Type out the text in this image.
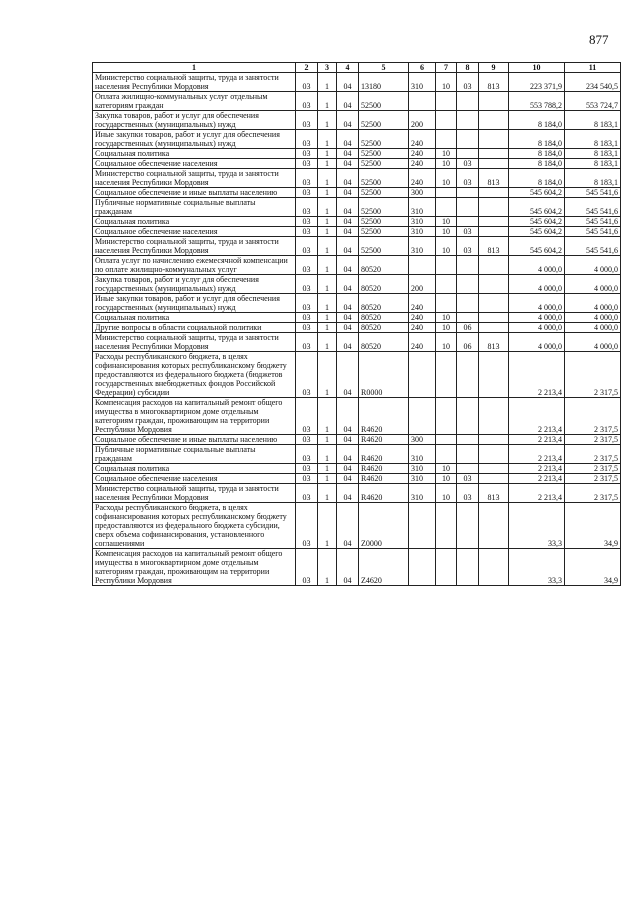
877
1	2	3	4	5	6	7	8	9	10	11
Министерство социальной защиты, труда и занятости населения Республики Мордовия	03	1	04	13180	310	10	03	813	223 371,9	234 540,5
Оплата жилищно-коммунальных услуг отдельным категориям граждан	03	1	04	52500					553 788,2	553 724,7
Закупка товаров, работ и услуг для обеспечения государственных (муниципальных) нужд	03	1	04	52500	200				8 184,0	8 183,1
Иные закупки товаров, работ и услуг для обеспечения государственных (муниципальных) нужд	03	1	04	52500	240				8 184,0	8 183,1
Социальная политика	03	1	04	52500	240	10			8 184,0	8 183,1
Социальное обеспечение населения	03	1	04	52500	240	10	03		8 184,0	8 183,1
Министерство социальной защиты, труда и занятости населения Республики Мордовия	03	1	04	52500	240	10	03	813	8 184,0	8 183,1
Социальное обеспечение и иные выплаты населению	03	1	04	52500	300				545 604,2	545 541,6
Публичные нормативные социальные выплаты гражданам	03	1	04	52500	310				545 604,2	545 541,6
Социальная политика	03	1	04	52500	310	10			545 604,2	545 541,6
Социальное обеспечение населения	03	1	04	52500	310	10	03		545 604,2	545 541,6
Министерство социальной защиты, труда и занятости населения Республики Мордовия	03	1	04	52500	310	10	03	813	545 604,2	545 541,6
Оплата услуг по начислению ежемесячной компенсации по оплате жилищно-коммунальных услуг	03	1	04	80520					4 000,0	4 000,0
Закупка товаров, работ и услуг для обеспечения государственных (муниципальных) нужд	03	1	04	80520	200				4 000,0	4 000,0
Иные закупки товаров, работ и услуг для обеспечения государственных (муниципальных) нужд	03	1	04	80520	240				4 000,0	4 000,0
Социальная политика	03	1	04	80520	240	10			4 000,0	4 000,0
Другие вопросы в области социальной политики	03	1	04	80520	240	10	06		4 000,0	4 000,0
Министерство социальной защиты, труда и занятости населения Республики Мордовия	03	1	04	80520	240	10	06	813	4 000,0	4 000,0
Расходы республиканского бюджета, в целях софинансирования которых республиканскому бюджету предоставляются из федерального бюджета (бюджетов государственных внебюджетных фондов Российской Федерации) субсидии	03	1	04	R0000					2 213,4	2 317,5
Компенсация расходов на капитальный ремонт общего имущества в многоквартирном доме отдельным категориям граждан, проживающим на территории Республики Мордовия	03	1	04	R4620					2 213,4	2 317,5
Социальное обеспечение и иные выплаты населению	03	1	04	R4620	300				2 213,4	2 317,5
Публичные нормативные социальные выплаты гражданам	03	1	04	R4620	310				2 213,4	2 317,5
Социальная политика	03	1	04	R4620	310	10			2 213,4	2 317,5
Социальное обеспечение населения	03	1	04	R4620	310	10	03		2 213,4	2 317,5
Министерство социальной защиты, труда и занятости населения Республики Мордовия	03	1	04	R4620	310	10	03	813	2 213,4	2 317,5
Расходы республиканского бюджета, в целях софинансирования которых республиканскому бюджету предоставляются из федерального бюджета субсидии, сверх объема софинансирования, установленного соглашениями	03	1	04	Z0000					33,3	34,9
Компенсация расходов на капитальный ремонт общего имущества в многоквартирном доме отдельным категориям граждан, проживающим на территории Республики Мордовия	03	1	04	Z4620					33,3	34,9
